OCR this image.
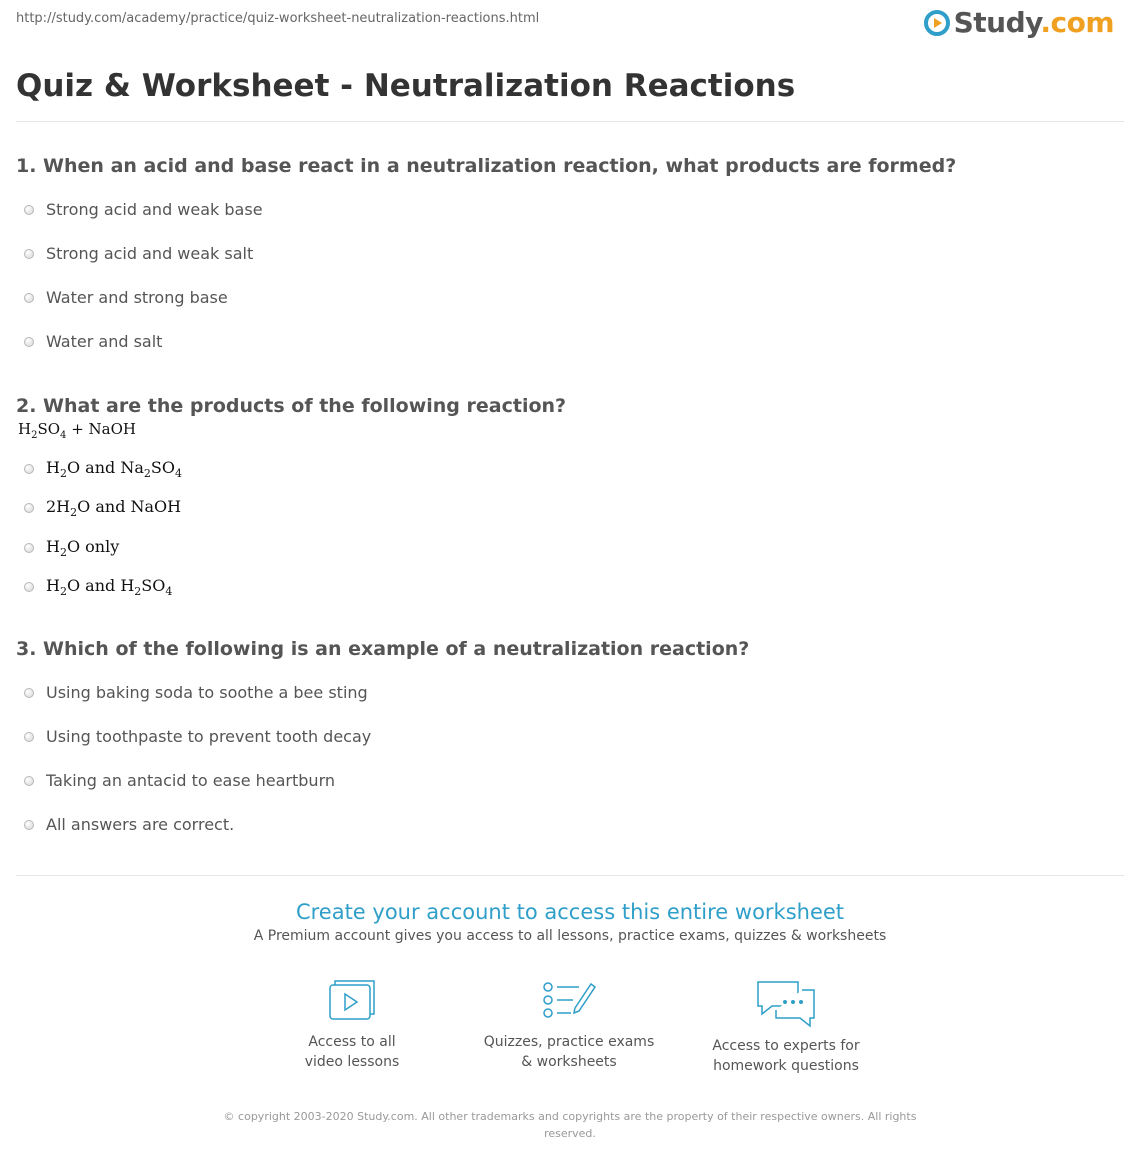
http://study.com/academy/practice/quiz-worksheet-neutralization-reactions.html	Study.com
Quiz & Worksheet - Neutralization Reactions
1. When an acid and base react in a neutralization reaction, what products are formed?
Strong acid and weak base
Strong acid and weak salt
Water and strong base
Water and salt
2. What are the products of the following reaction?
$H_2SO_4$ + NaOH
$H_2O$ and $Na_2SO_4$
$2H_2O$ and NaOH
$H_2O$ only
$H_2O$ and $H_2SO_4$
3. Which of the following is an example of a neutralization reaction?
Using baking soda to soothe a bee sting
Using toothpaste to prevent tooth decay
Taking an antacid to ease heartburn
All answers are correct.
Create your account to access this entire worksheet
A Premium account gives you access to all lessons, practice exams, quizzes & worksheets
Access to all
video lessons
Quizzes, practice exams
& worksheets
Access to experts for
homework questions
© copyright 2003-2020 Study.com. All other trademarks and copyrights are the property of their respective owners. All rights reserved.
